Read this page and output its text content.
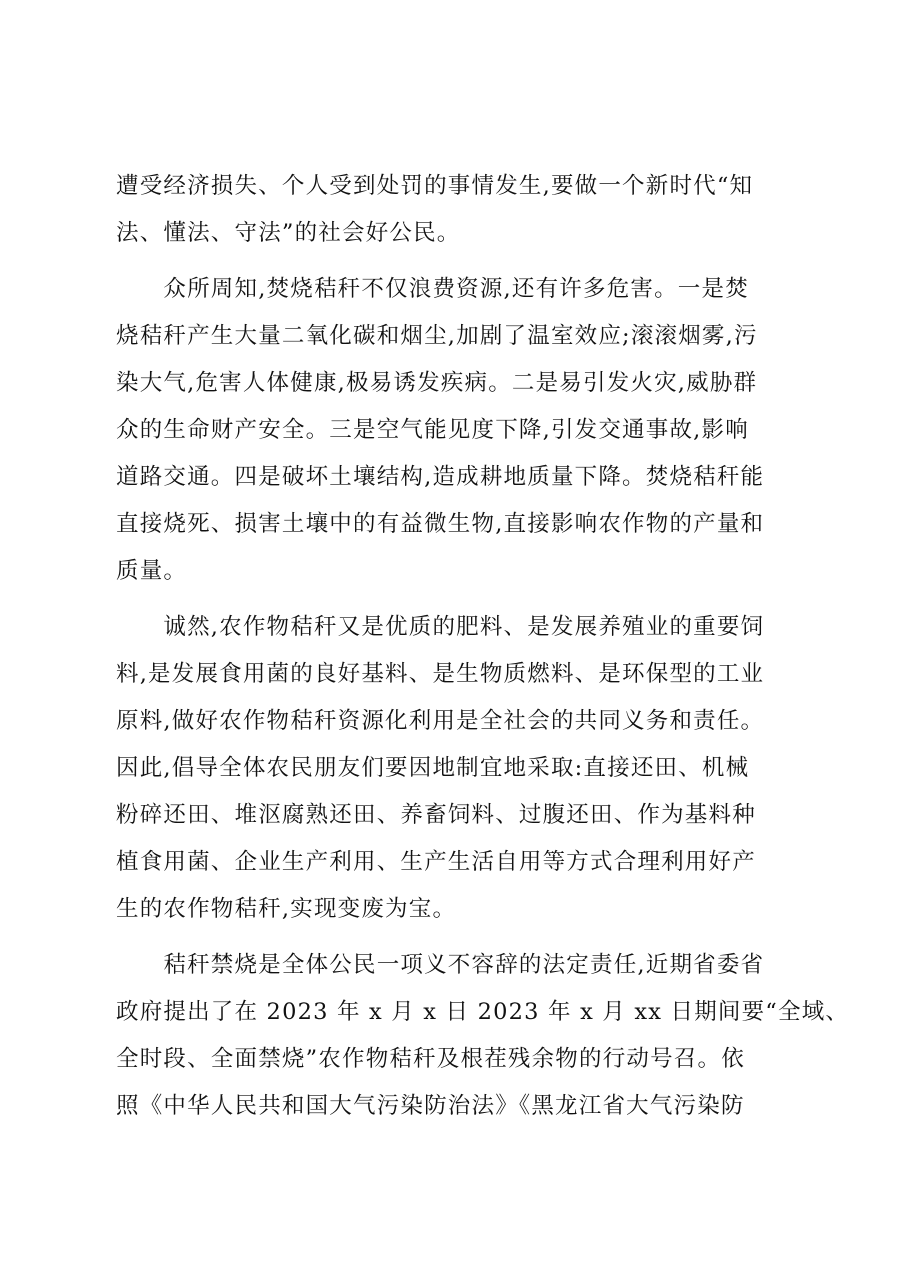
遭受经济损失、个人受到处罚的事情发生,要做一个新时代“知
法、懂法、守法”的社会好公民。
　　众所周知,焚烧秸秆不仅浪费资源,还有许多危害。一是焚
烧秸秆产生大量二氧化碳和烟尘,加剧了温室效应;滚滚烟雾,污
染大气,危害人体健康,极易诱发疾病。二是易引发火灾,威胁群
众的生命财产安全。三是空气能见度下降,引发交通事故,影响
道路交通。四是破坏土壤结构,造成耕地质量下降。焚烧秸秆能
直接烧死、损害土壤中的有益微生物,直接影响农作物的产量和
质量。
　　诚然,农作物秸秆又是优质的肥料、是发展养殖业的重要饲
料,是发展食用菌的良好基料、是生物质燃料、是环保型的工业
原料,做好农作物秸秆资源化利用是全社会的共同义务和责任。
因此,倡导全体农民朋友们要因地制宜地采取:直接还田、机械
粉碎还田、堆沤腐熟还田、养畜饲料、过腹还田、作为基料种
植食用菌、企业生产利用、生产生活自用等方式合理利用好产
生的农作物秸秆,实现变废为宝。
　　秸秆禁烧是全体公民一项义不容辞的法定责任,近期省委省
政府提出了在 2023 年 x 月 x 日 2023 年 x 月 xx 日期间要“全域、
全时段、全面禁烧”农作物秸秆及根茬残余物的行动号召。依
照《中华人民共和国大气污染防治法》《黑龙江省大气污染防
